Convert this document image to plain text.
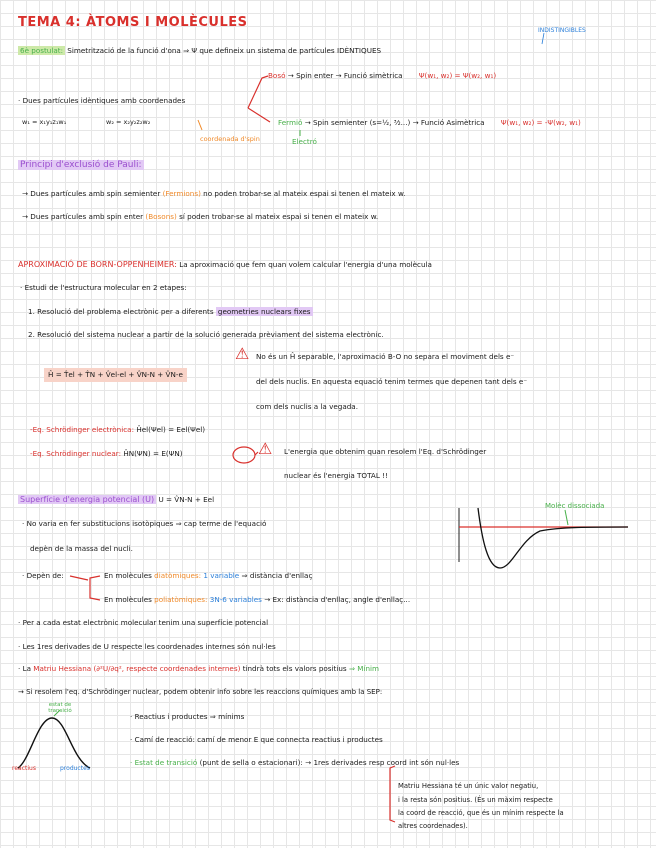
TEMA 4: ÀTOMS I MOLÈCULES
INDISTINGIBLES
6è postulat: Simetrització de la funció d'ona ⇒ Ψ que defineix un sistema de partícules IDÈNTIQUES
Bosó → Spin enter → Funció simètrica Ψ(w₁, w₂) = Ψ(w₂, w₁)
· Dues partícules idèntiques amb coordenades
w₁ = x₁y₁z₁w₁	w₂ = x₂y₂z₂w₂	Fermió → Spin semienter (s=½, ³⁄₂...) → Funció Asimètrica Ψ(w₁, w₂) = -Ψ(w₂, w₁)
coordenada d'spin	Electró
Principi d'exclusió de Pauli:
→ Dues partícules amb spin semienter (Fermions) no poden trobar-se al mateix espai si tenen el mateix w.
→ Dues partícules amb spin enter (Bosons) sí poden trobar-se al mateix espai si tenen el mateix w.
APROXIMACIÓ DE BORN-OPPENHEIMER: La aproximació que fem quan volem calcular l'energia d'una molècula
· Estudi de l'estructura molecular en 2 etapes:
1. Resolució del problema electrònic per a diferents geometries nuclears fixes
2. Resolució del sistema nuclear a partir de la solució generada prèviament del sistema electrònic.
Ĥ = T̂el + T̂N + V̂el-el + V̂N-N + V̂N-e
⚠ No és un Ĥ separable, l'aproximació B-O no separa el moviment dels e⁻
del dels nuclis. En aquesta equació tenim termes que depenen tant dels e⁻
com dels nuclis a la vegada.
-Eq. Schrödinger electrònica: Ĥel(Ψel) = Eel(Ψel)
-Eq. Schrödinger nuclear: ĤN(ΨN) = E(ΨN)	⚠ L'energia que obtenim quan resolem l'Eq. d'Schrödinger
nuclear és l'energia TOTAL !!
Superfície d'energia potencial (U) U = V̂N-N + Eel
Molèc dissociada
· No varia en fer substitucions isotòpiques ⇒ cap terme de l'equació
depèn de la massa del nucli.
· Depèn de:	En molècules diatòmiques: 1 variable ⇒ distància d'enllaç
En molècules poliatòmiques: 3N-6 variables → Ex: distància d'enllaç, angle d'enllaç...
· Per a cada estat electrònic molecular tenim una superfície potencial
· Les 1res derivades de U respecte les coordenades internes són nul·les
· La Matriu Hessiana (∂²U/∂q², respecte coordenades internes) tindrà tots els valors positius ⇒ Mínim
→ Si resolem l'eq. d'Schrödinger nuclear, podem obtenir info sobre les reaccions químiques amb la SEP:
estat de transició
reactius	productes
· Reactius i productes ⇒ mínims
· Camí de reacció: camí de menor E que connecta reactius i productes
· Estat de transició (punt de sella o estacionari): → 1res derivades resp coord int són nul·les
Matriu Hessiana té un únic valor negatiu,
i la resta són positius. (És un màxim respecte
la coord de reacció, que és un mínim respecte la
altres coordenades).
